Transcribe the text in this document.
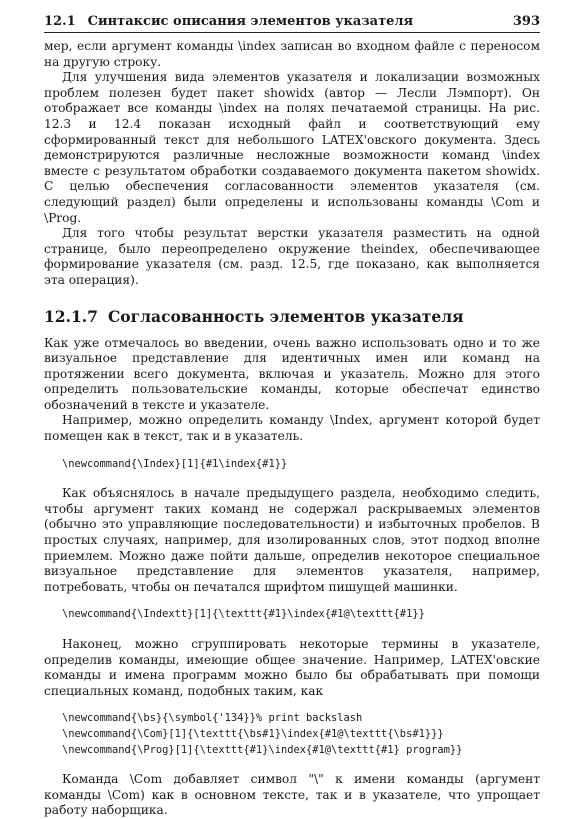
12.1 Синтаксис описания элементов указателя	393

мер, если аргумент команды \index записан во входном файле с переносом на другую строку.

Для улучшения вида элементов указателя и локализации возможных проблем полезен будет пакет showidx (автор — Лесли Лэмпорт). Он отображает все команды \index на полях печатаемой страницы. На рис. 12.3 и 12.4 показан исходный файл и соответствующий ему сформированный текст для небольшого LATEX'овского документа. Здесь демонстрируются различные несложные возможности команд \index вместе с результатом обработки создаваемого документа пакетом showidx. С целью обеспечения согласованности элементов указателя (см. следующий раздел) были определены и использованы команды \Com и \Prog.

Для того чтобы результат верстки указателя разместить на одной странице, было переопределено окружение theindex, обеспечивающее формирование указателя (см. разд. 12.5, где показано, как выполняется эта операция).

12.1.7 Согласованность элементов указателя

Как уже отмечалось во введении, очень важно использовать одно и то же визуальное представление для идентичных имен или команд на протяжении всего документа, включая и указатель. Можно для этого определить пользовательские команды, которые обеспечат единство обозначений в тексте и указателе.

Например, можно определить команду \Index, аргумент которой будет помещен как в текст, так и в указатель.

\newcommand{\Index}[1]{#1\index{#1}}

Как объяснялось в начале предыдущего раздела, необходимо следить, чтобы аргумент таких команд не содержал раскрываемых элементов (обычно это управляющие последовательности) и избыточных пробелов. В простых случаях, например, для изолированных слов, этот подход вполне приемлем. Можно даже пойти дальше, определив некоторое специальное визуальное представление для элементов указателя, например, потребовать, чтобы он печатался шрифтом пишущей машинки.

\newcommand{\Indextt}[1]{\texttt{#1}\index{#1@\texttt{#1}}

Наконец, можно сгруппировать некоторые термины в указателе, определив команды, имеющие общее значение. Например, LATEX'овские команды и имена программ можно было бы обрабатывать при помощи специальных команд, подобных таким, как

\newcommand{\bs}{\symbol{'134}}% print backslash
\newcommand{\Com}[1]{\texttt{\bs#1}\index{#1@\texttt{\bs#1}}}
\newcommand{\Prog}[1]{\texttt{#1}\index{#1@\texttt{#1} program}}

Команда \Com добавляет символ "\" к имени команды (аргумент команды \Com) как в основном тексте, так и в указателе, что упрощает работу наборщика.
